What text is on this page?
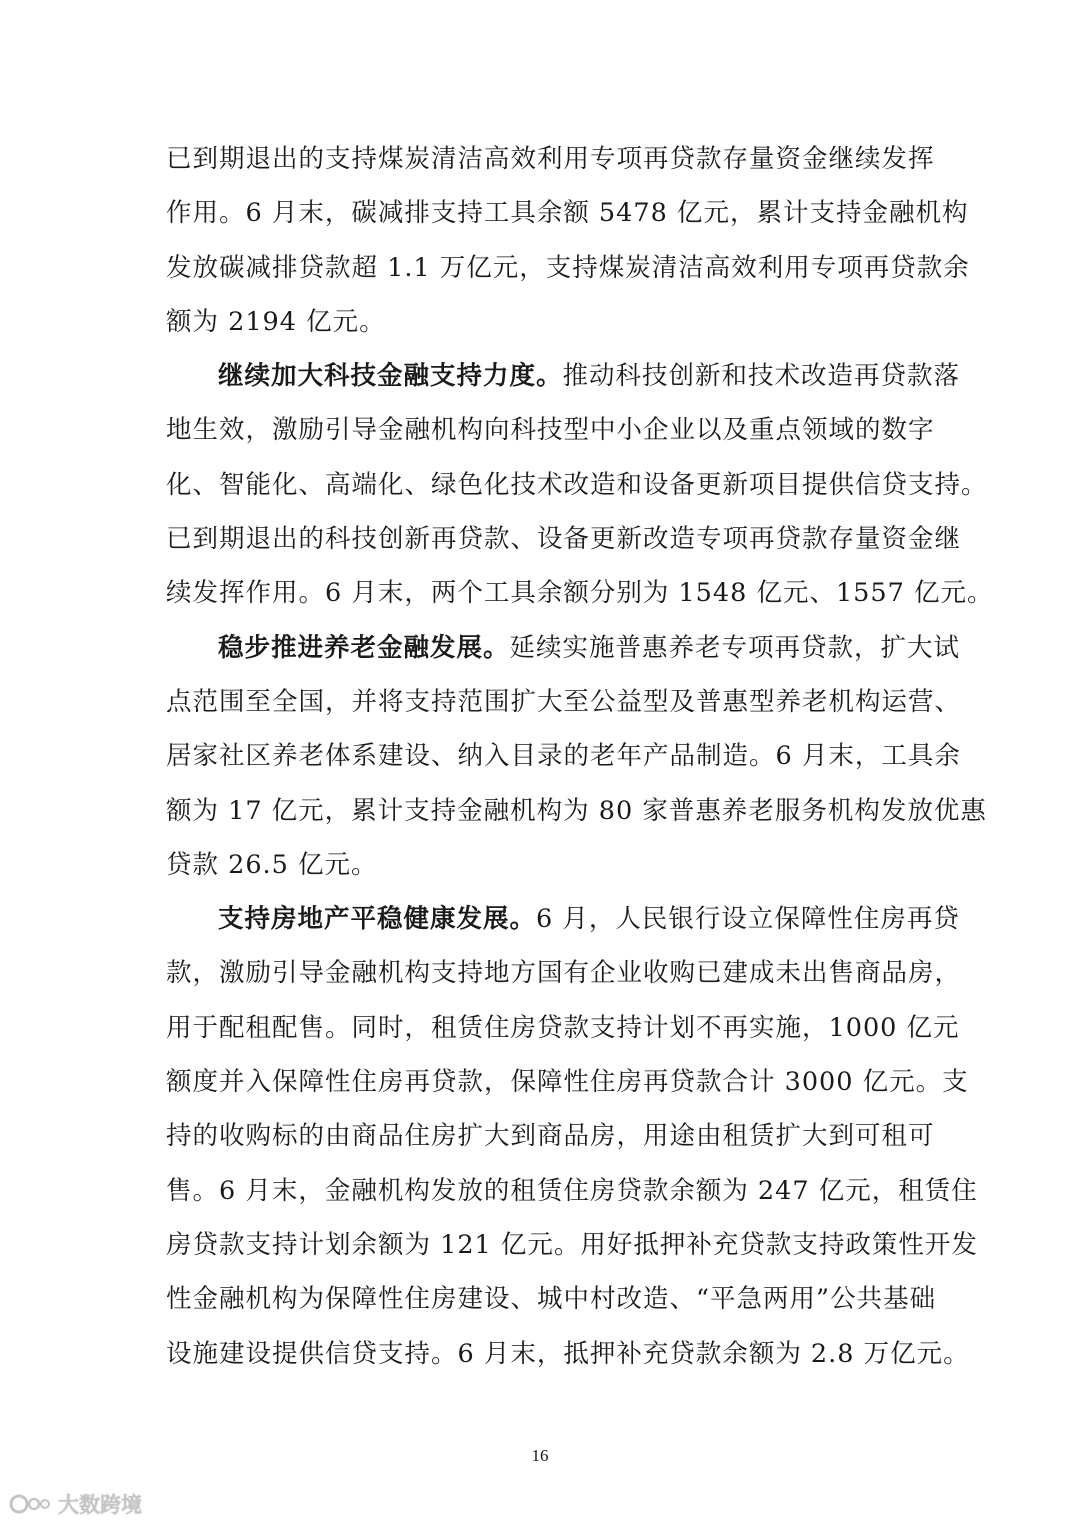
已到期退出的支持煤炭清洁高效利用专项再贷款存量资金继续发挥
作用。6 月末，碳减排支持工具余额 5478 亿元，累计支持金融机构
发放碳减排贷款超 1.1 万亿元，支持煤炭清洁高效利用专项再贷款余
额为 2194 亿元。
继续加大科技金融支持力度。推动科技创新和技术改造再贷款落
地生效，激励引导金融机构向科技型中小企业以及重点领域的数字
化、智能化、高端化、绿色化技术改造和设备更新项目提供信贷支持。
已到期退出的科技创新再贷款、设备更新改造专项再贷款存量资金继
续发挥作用。6 月末，两个工具余额分别为 1548 亿元、1557 亿元。
稳步推进养老金融发展。延续实施普惠养老专项再贷款，扩大试
点范围至全国，并将支持范围扩大至公益型及普惠型养老机构运营、
居家社区养老体系建设、纳入目录的老年产品制造。6 月末，工具余
额为 17 亿元，累计支持金融机构为 80 家普惠养老服务机构发放优惠
贷款 26.5 亿元。
支持房地产平稳健康发展。6 月，人民银行设立保障性住房再贷
款，激励引导金融机构支持地方国有企业收购已建成未出售商品房，
用于配租配售。同时，租赁住房贷款支持计划不再实施，1000 亿元
额度并入保障性住房再贷款，保障性住房再贷款合计 3000 亿元。支
持的收购标的由商品住房扩大到商品房，用途由租赁扩大到可租可
售。6 月末，金融机构发放的租赁住房贷款余额为 247 亿元，租赁住
房贷款支持计划余额为 121 亿元。用好抵押补充贷款支持政策性开发
性金融机构为保障性住房建设、城中村改造、“平急两用”公共基础
设施建设提供信贷支持。6 月末，抵押补充贷款余额为 2.8 万亿元。
16
大数跨境
